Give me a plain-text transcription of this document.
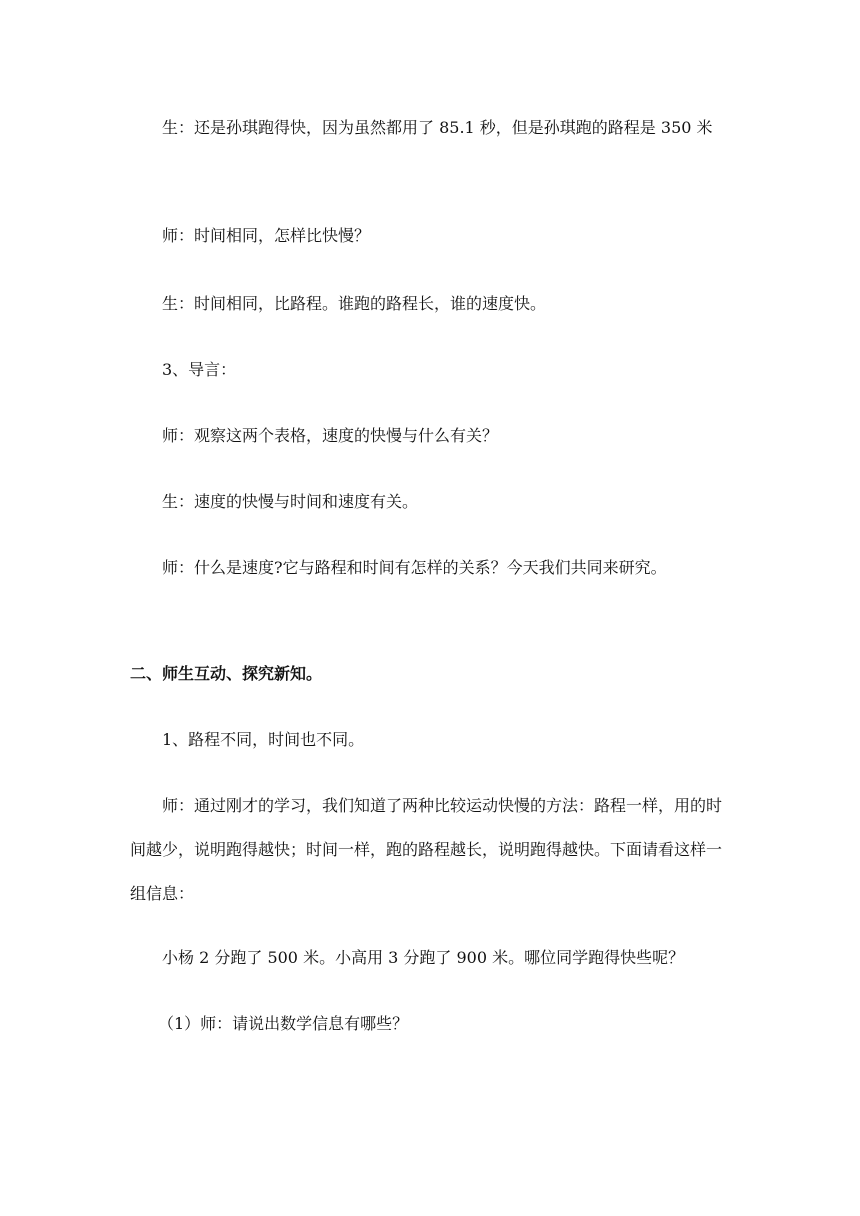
生：还是孙琪跑得快，因为虽然都用了 85.1 秒，但是孙琪跑的路程是 350 米

师：时间相同，怎样比快慢？

生：时间相同，比路程。谁跑的路程长，谁的速度快。

3、导言：

师：观察这两个表格，速度的快慢与什么有关？

生：速度的快慢与时间和速度有关。

师：什么是速度?它与路程和时间有怎样的关系？今天我们共同来研究。

二、师生互动、探究新知。

1、路程不同，时间也不同。

师：通过刚才的学习，我们知道了两种比较运动快慢的方法：路程一样，用的时间越少，说明跑得越快；时间一样，跑的路程越长，说明跑得越快。下面请看这样一组信息：

小杨 2 分跑了 500 米。小高用 3 分跑了 900 米。哪位同学跑得快些呢？

（1）师：请说出数学信息有哪些？
